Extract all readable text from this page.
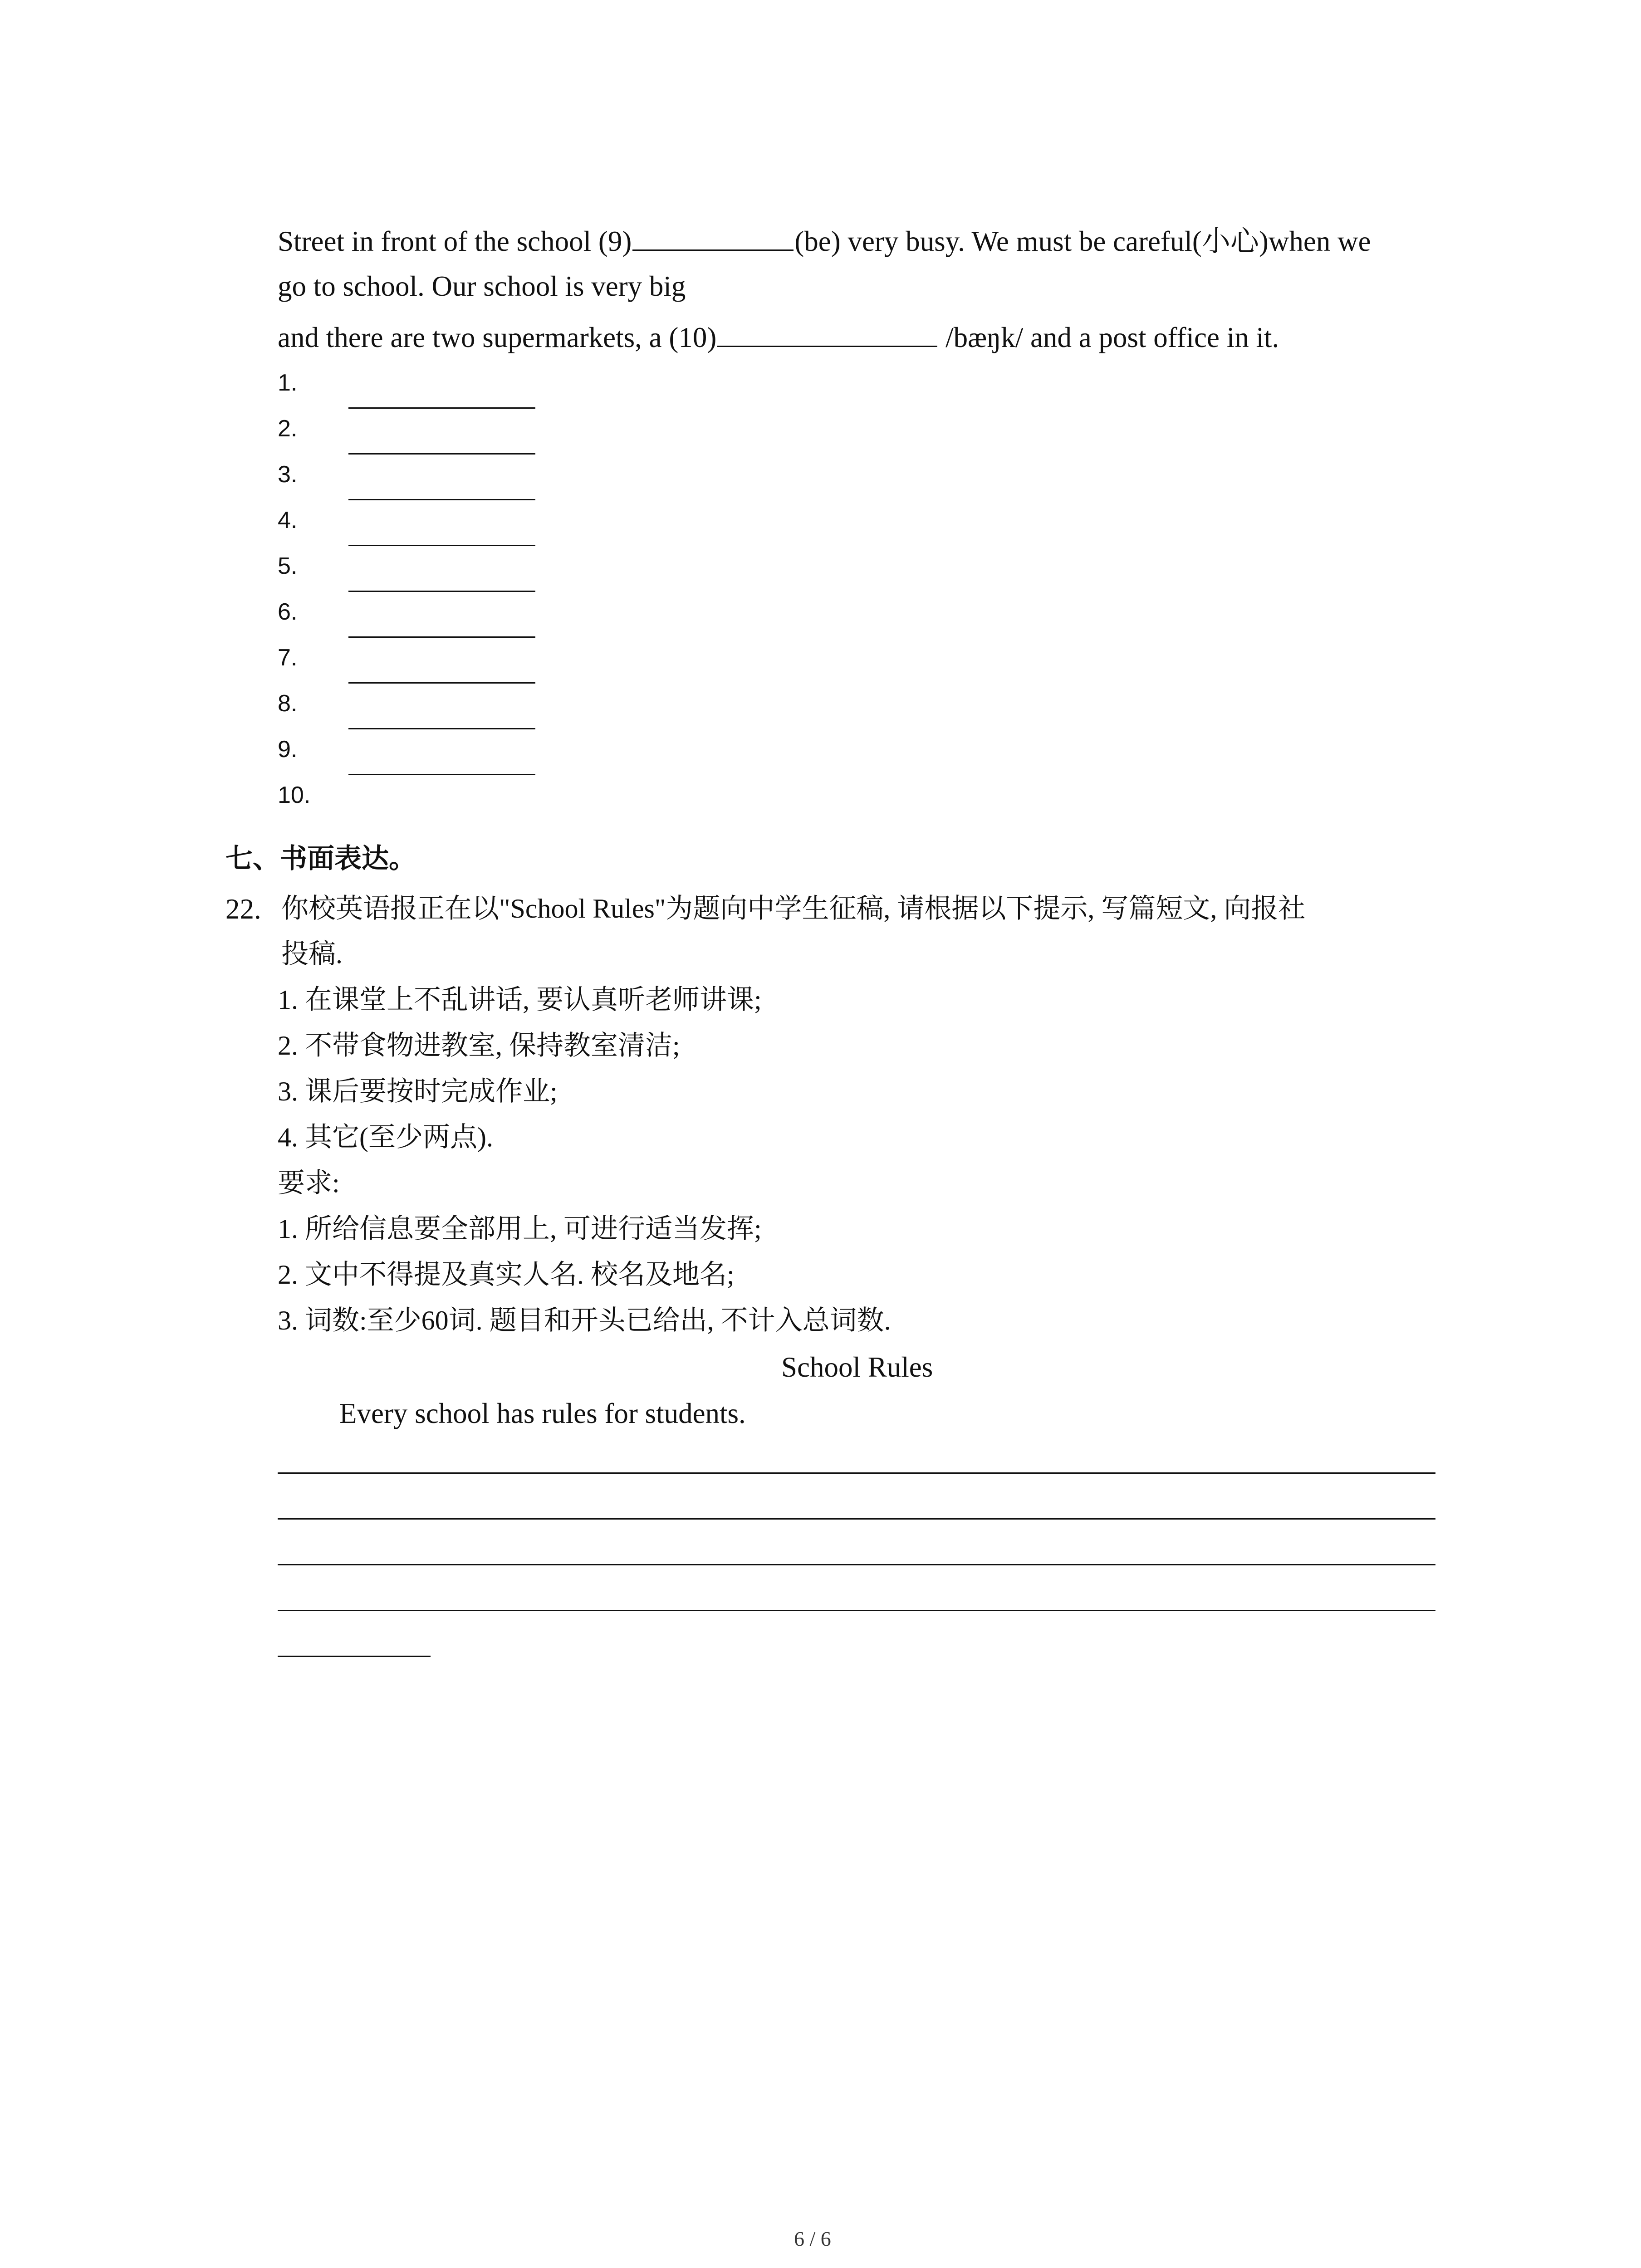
Street in front of the school (9)	(be) very busy. We must be careful(小心)when we
go to school. Our school is very big
and there are two supermarkets, a (10)	/bæŋk/ and a post office in it.
1.
2.
3.
4.
5.
6.
7.
8.
9.
10.
七、书面表达。
22. 你校英语报正在以"School Rules"为题向中学生征稿, 请根据以下提示, 写篇短文, 向报社
投稿.
1. 在课堂上不乱讲话, 要认真听老师讲课;
2. 不带食物进教室, 保持教室清洁;
3. 课后要按时完成作业;
4. 其它(至少两点).
要求:
1. 所给信息要全部用上, 可进行适当发挥;
2. 文中不得提及真实人名. 校名及地名;
3. 词数:至少60词. 题目和开头已给出, 不计入总词数.
School Rules
Every school has rules for students.
6 / 6
